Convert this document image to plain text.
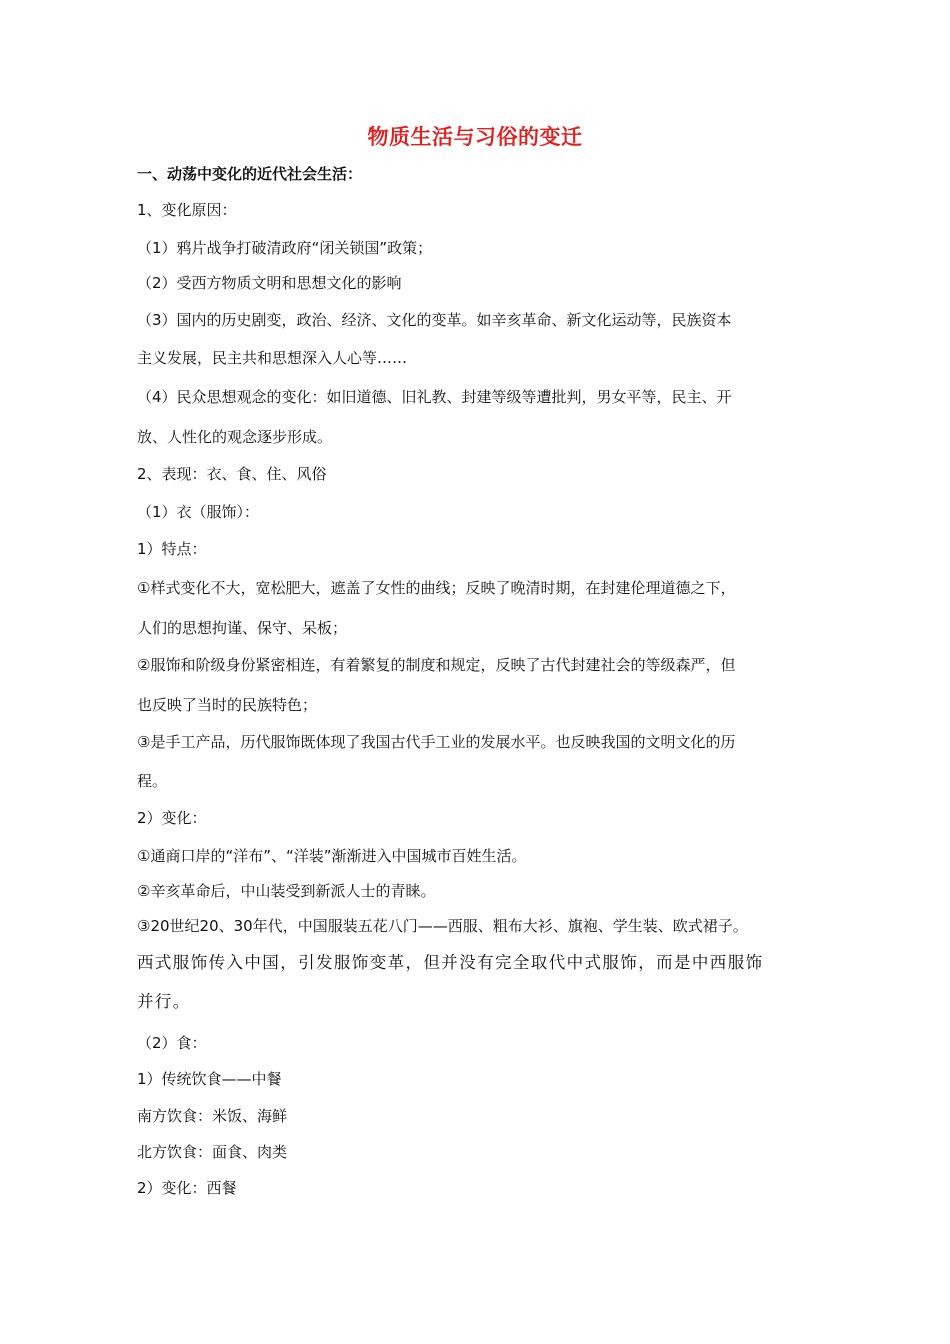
物质生活与习俗的变迁
一、动荡中变化的近代社会生活：
1、变化原因：
（1）鸦片战争打破清政府“闭关锁国”政策；
（2）受西方物质文明和思想文化的影响
（3）国内的历史剧变，政治、经济、文化的变革。如辛亥革命、新文化运动等，民族资本
主义发展，民主共和思想深入人心等……
（4）民众思想观念的变化：如旧道德、旧礼教、封建等级等遭批判，男女平等，民主、开
放、人性化的观念逐步形成。
2、表现：衣、食、住、风俗
（1）衣（服饰）：
1）特点：
①样式变化不大，宽松肥大，遮盖了女性的曲线；反映了晚清时期，在封建伦理道德之下，
人们的思想拘谨、保守、呆板；
②服饰和阶级身份紧密相连，有着繁复的制度和规定，反映了古代封建社会的等级森严，但
也反映了当时的民族特色；
③是手工产品，历代服饰既体现了我国古代手工业的发展水平。也反映我国的文明文化的历
程。
2）变化：
①通商口岸的“洋布”、“洋装”渐渐进入中国城市百姓生活。
②辛亥革命后，中山装受到新派人士的青睐。
③20世纪20、30年代，中国服装五花八门——西服、粗布大衫、旗袍、学生装、欧式裙子。
西式服饰传入中国，引发服饰变革，但并没有完全取代中式服饰，而是中西服饰
并行。
（2）食：
1）传统饮食——中餐
南方饮食：米饭、海鲜
北方饮食：面食、肉类
2）变化：西餐
